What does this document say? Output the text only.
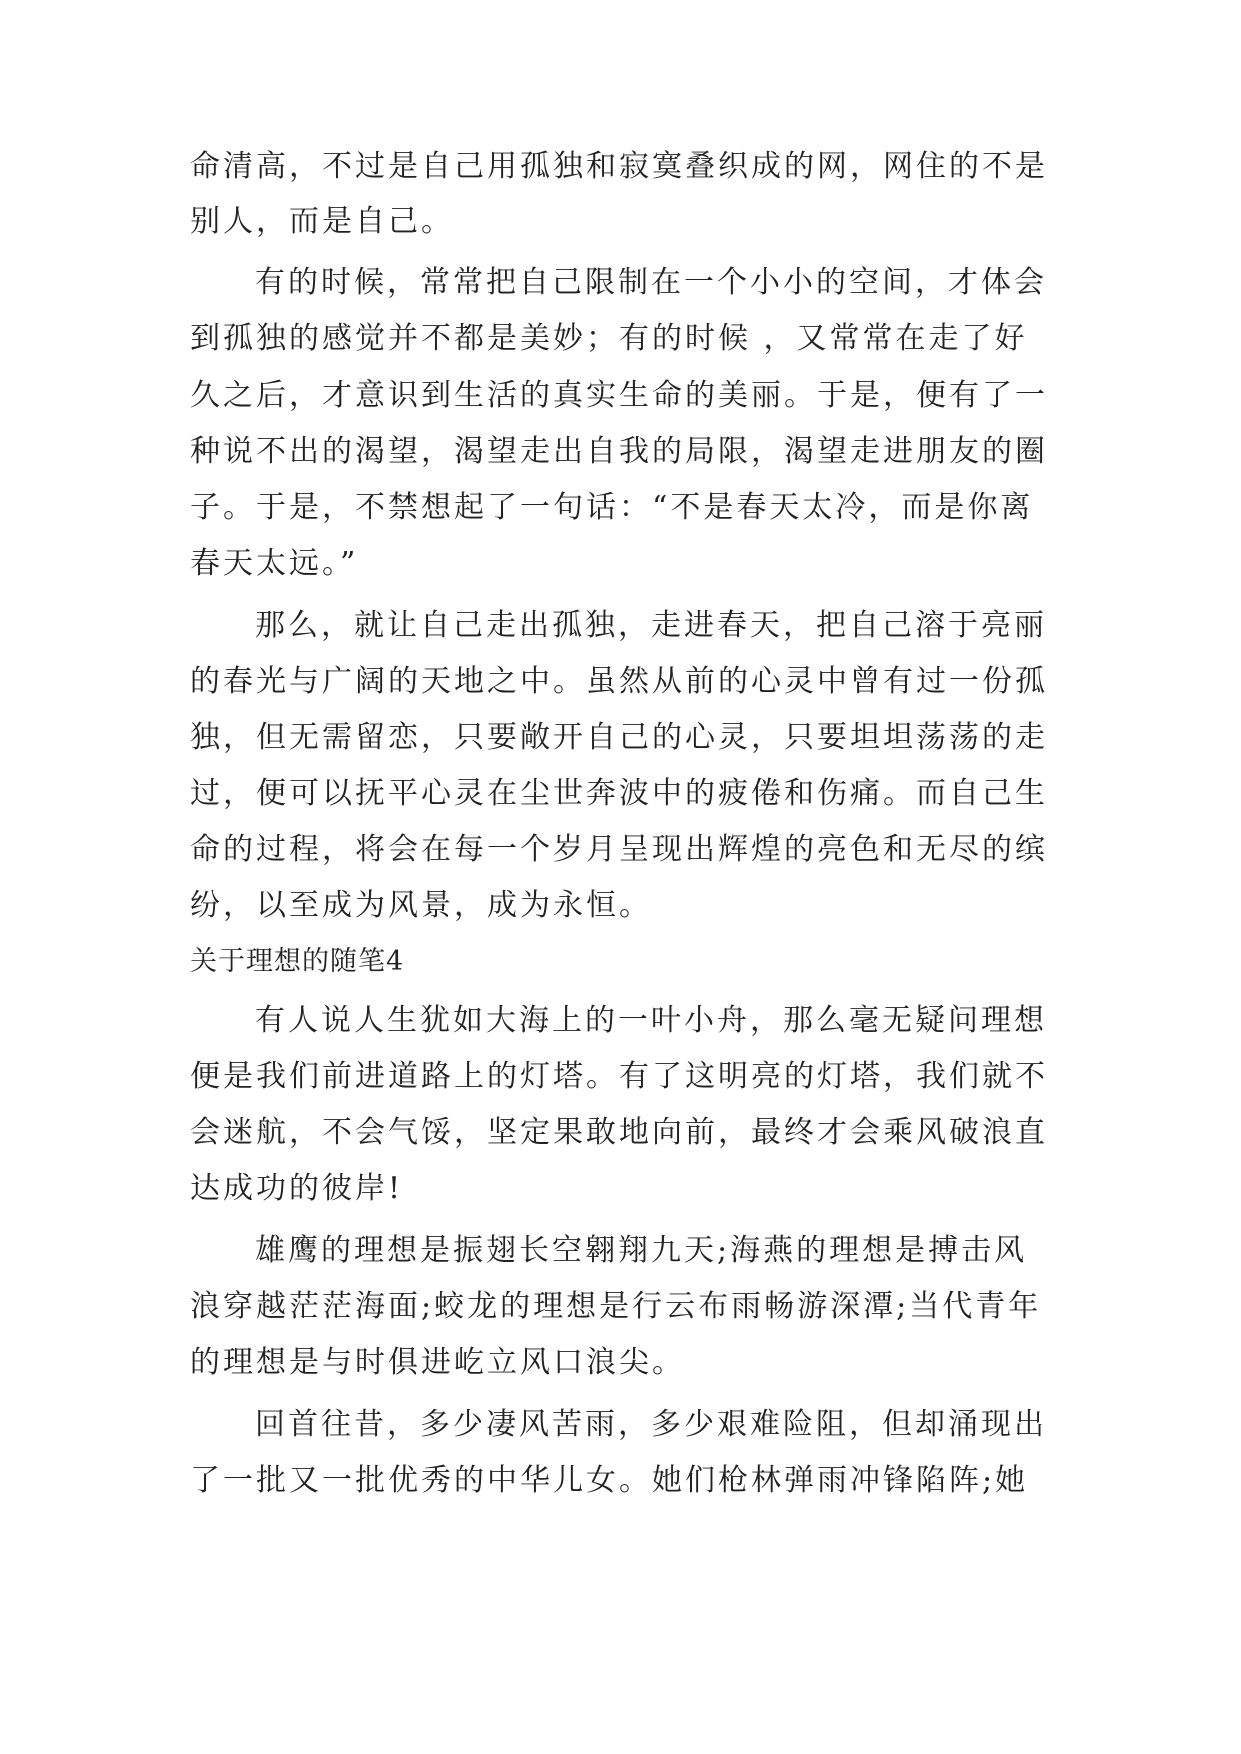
命清高，不过是自己用孤独和寂寞叠织成的网，网住的不是
别人，而是自己。
有的时候，常常把自己限制在一个小小的空间，才体会
到孤独的感觉并不都是美妙；有的时候 ，又常常在走了好
久之后，才意识到生活的真实生命的美丽。于是，便有了一
种说不出的渴望，渴望走出自我的局限，渴望走进朋友的圈
子。于是，不禁想起了一句话：“不是春天太冷，而是你离
春天太远。”
那么，就让自己走出孤独，走进春天，把自己溶于亮丽
的春光与广阔的天地之中。虽然从前的心灵中曾有过一份孤
独，但无需留恋，只要敞开自己的心灵，只要坦坦荡荡的走
过，便可以抚平心灵在尘世奔波中的疲倦和伤痛。而自己生
命的过程，将会在每一个岁月呈现出辉煌的亮色和无尽的缤
纷，以至成为风景，成为永恒。
关于理想的随笔4
有人说人生犹如大海上的一叶小舟，那么毫无疑问理想
便是我们前进道路上的灯塔。有了这明亮的灯塔，我们就不
会迷航，不会气馁，坚定果敢地向前，最终才会乘风破浪直
达成功的彼岸!
雄鹰的理想是振翅长空翱翔九天;海燕的理想是搏击风
浪穿越茫茫海面;蛟龙的理想是行云布雨畅游深潭;当代青年
的理想是与时俱进屹立风口浪尖。
回首往昔，多少凄风苦雨，多少艰难险阻，但却涌现出
了一批又一批优秀的中华儿女。她们枪林弹雨冲锋陷阵;她
